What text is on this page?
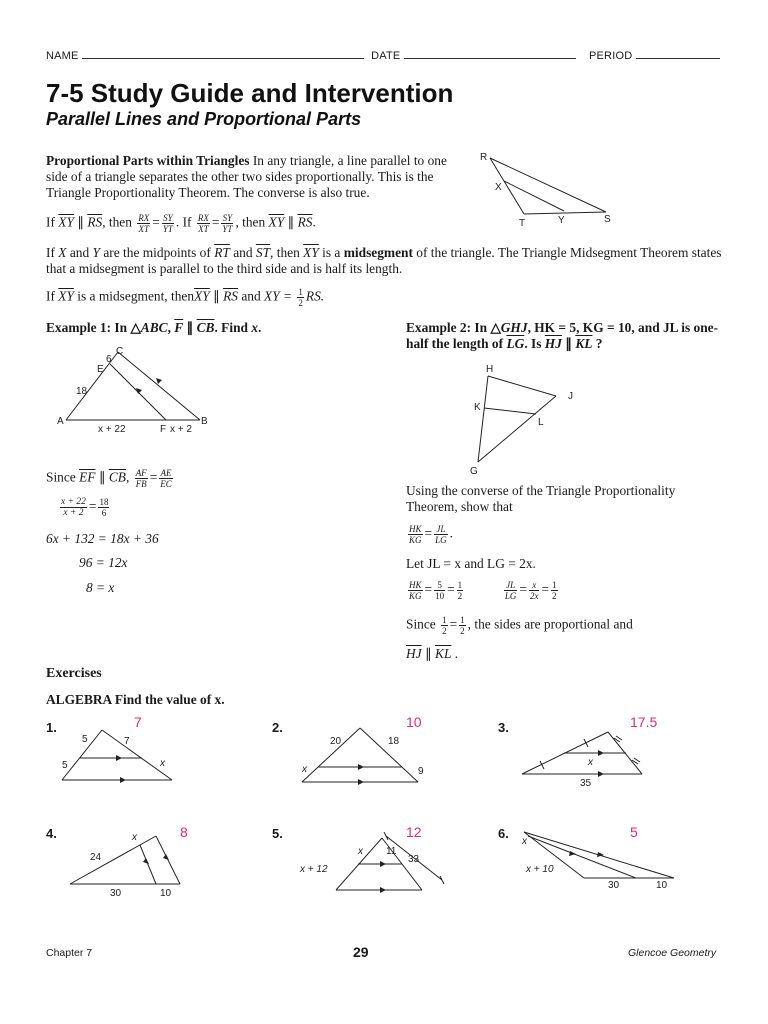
NAME	DATE	PERIOD
7-5 Study Guide and Intervention
Parallel Lines and Proportional Parts
Proportional Parts within Triangles In any triangle, a line parallel to one side of a triangle separates the other two sides proportionally. This is the Triangle Proportionality Theorem. The converse is also true.
R
X
T	Y	S
If $\overline{XY}$ ∥ $\overline{RS}$, then $\frac{RX}{XT} = \frac{SY}{YT}$ . If $\frac{RX}{XT} = \frac{SY}{YT}$ , then $\overline{XY}$ ∥ $\overline{RS}$.
If X and Y are the midpoints of $\overline{RT}$ and $\overline{ST}$, then $\overline{XY}$ is a midsegment of the triangle. The Triangle Midsegment Theorem states that a midsegment is parallel to the third side and is half its length.
If $\overline{XY}$ is a midsegment, $then\overline{XY}$ ∥ $\overline{RS}$ and XY = $\frac{1}{2}$ RS.
Example 1: In △ABC, $\overline{F}$ ∥ $\overline{C}\overline{B}$. Find x.
C
6
E
18
A
x + 22	F x + 2
B
Since $\overline{EF}$ ∥ $\overline{CB}$, $\frac{AF}{FB} = \frac{AE}{EC}$
$\frac{x + 22}{x + 2} = \frac{18}{6}$
6x + 132 = 18x + 36
96 = 12x
8 = x
Example 2: In △GHJ, HK = 5, KG = 10, and JL is one-half the length of $\overline{LG}$. Is $\overline{HJ}$ ∥ $\overline{KL}$ ?
H
J
K
L
G
Using the converse of the Triangle Proportionality Theorem, show that
$\frac{HK}{KG} = \frac{JL}{LG}$ .
Let JL = x and LG = 2x.
$\frac{HK}{KG} = \frac{5}{10} = \frac{1}{2}$
	$\frac{JL}{LG} = \frac{x}{2x} = \frac{1}{2}$
Since $\frac{1}{2} = \frac{1}{2}$ , the sides are proportional and
$\overline{HJ}$ ∥ $\overline{KL}$ .
Exercises
ALGEBRA Find the value of x.
1.	7
5	7
5	x
2.	10
20	18
x	9
3.	17.5
x
35
4.	8
x
24
30	10
5.	12
x 11
33
x + 12
6.	5
x
x + 10
30	10
Chapter 7	29	Glencoe Geometry
